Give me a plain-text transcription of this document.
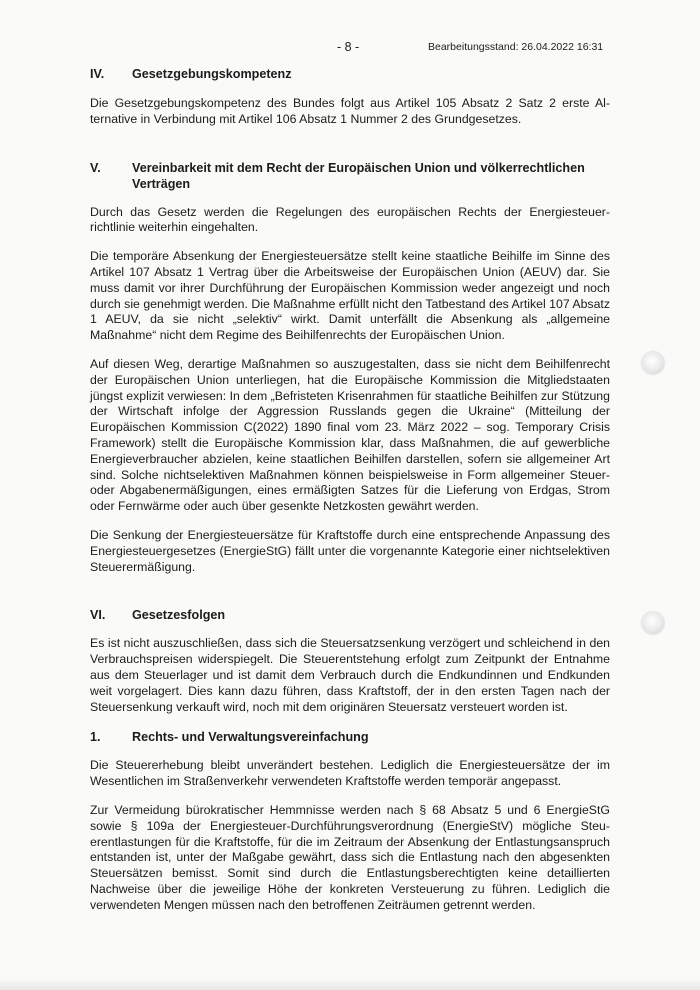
- 8 -	Bearbeitungsstand: 26.04.2022 16:31
IV.	Gesetzgebungskompetenz

Die Gesetzgebungskompetenz des Bundes folgt aus Artikel 105 Absatz 2 Satz 2 erste Alternative in Verbindung mit Artikel 106 Absatz 1 Nummer 2 des Grundgesetzes.

V.	Vereinbarkeit mit dem Recht der Europäischen Union und völkerrechtlichen Verträgen

Durch das Gesetz werden die Regelungen des europäischen Rechts der Energiesteuerrichtlinie weiterhin eingehalten.

Die temporäre Absenkung der Energiesteuersätze stellt keine staatliche Beihilfe im Sinne des Artikel 107 Absatz 1 Vertrag über die Arbeitsweise der Europäischen Union (AEUV) dar. Sie muss damit vor ihrer Durchführung der Europäischen Kommission weder angezeigt und noch durch sie genehmigt werden. Die Maßnahme erfüllt nicht den Tatbestand des Artikel 107 Absatz 1 AEUV, da sie nicht „selektiv“ wirkt. Damit unterfällt die Absenkung als „allgemeine Maßnahme“ nicht dem Regime des Beihilfenrechts der Europäischen Union.

Auf diesen Weg, derartige Maßnahmen so auszugestalten, dass sie nicht dem Beihilfenrecht der Europäischen Union unterliegen, hat die Europäische Kommission die Mitgliedstaaten jüngst explizit verwiesen: In dem „Befristeten Krisenrahmen für staatliche Beihilfen zur Stützung der Wirtschaft infolge der Aggression Russlands gegen die Ukraine“ (Mitteilung der Europäischen Kommission C(2022) 1890 final vom 23. März 2022 – sog. Temporary Crisis Framework) stellt die Europäische Kommission klar, dass Maßnahmen, die auf gewerbliche Energieverbraucher abzielen, keine staatlichen Beihilfen darstellen, sofern sie allgemeiner Art sind. Solche nichtselektiven Maßnahmen können beispielsweise in Form allgemeiner Steuer- oder Abgabenermäßigungen, eines ermäßigten Satzes für die Lieferung von Erdgas, Strom oder Fernwärme oder auch über gesenkte Netzkosten gewährt werden.

Die Senkung der Energiesteuersätze für Kraftstoffe durch eine entsprechende Anpassung des Energiesteuergesetzes (EnergieStG) fällt unter die vorgenannte Kategorie einer nichtselektiven Steuerermäßigung.

VI.	Gesetzesfolgen

Es ist nicht auszuschließen, dass sich die Steuersatzsenkung verzögert und schleichend in den Verbrauchspreisen widerspiegelt. Die Steuerentstehung erfolgt zum Zeitpunkt der Entnahme aus dem Steuerlager und ist damit dem Verbrauch durch die Endkundinnen und Endkunden weit vorgelagert. Dies kann dazu führen, dass Kraftstoff, der in den ersten Tagen nach der Steuersenkung verkauft wird, noch mit dem originären Steuersatz versteuert worden ist.

1.	Rechts- und Verwaltungsvereinfachung

Die Steuererhebung bleibt unverändert bestehen. Lediglich die Energiesteuersätze der im Wesentlichen im Straßenverkehr verwendeten Kraftstoffe werden temporär angepasst.

Zur Vermeidung bürokratischer Hemmnisse werden nach § 68 Absatz 5 und 6 EnergieStG sowie § 109a der Energiesteuer-Durchführungsverordnung (EnergieStV) mögliche Steuerentlastungen für die Kraftstoffe, für die im Zeitraum der Absenkung der Entlastungsanspruch entstanden ist, unter der Maßgabe gewährt, dass sich die Entlastung nach den abgesenkten Steuersätzen bemisst. Somit sind durch die Entlastungsberechtigten keine detaillierten Nachweise über die jeweilige Höhe der konkreten Versteuerung zu führen. Lediglich die verwendeten Mengen müssen nach den betroffenen Zeiträumen getrennt werden.
